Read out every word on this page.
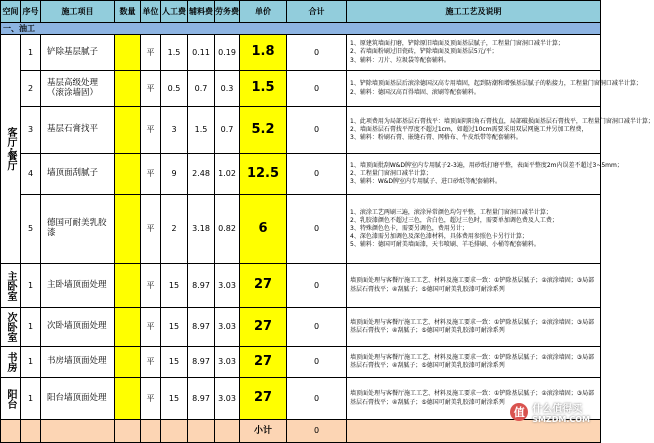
空间	序号	施工项目	数量	单位	人工费	辅料费	劳务费	单价	合计	施工工艺及说明
一、油工										
客厅·餐厅	1	铲除基层腻子		平	1.5	0.11	0.19	1.8	0	1、原建筑墙面打磨，铲除原旧墙面及顶面基层腻子，工程量门窗洞口减半计算；
2、若墙面粉刷过旧瓷砖，铲除墙面及顶面基层5元/平；
3、辅料：刀片、垃圾袋等配套辅料。

	2	基层高级处理（滚涂墙固）		平	0.5	0.7	0.3	1.5	0	1、铲除墙顶面基层后滚涂德国汉高专用墙固，起到防潮和增强基层腻子的粘接力，工程量门窗洞口减半计算；
2、辅料：德国汉高百得墙固、滚刷等配套辅料。

	3	基层石膏找平		平	3	1.5	0.7	5.2	0	1、此项费用为局部基层石膏找平：墙顶面阴阳角石膏找直，局部破损面基层石膏找平，工程量门窗洞口减半计算；
2、墙面基层石膏找平厚度不超过1cm，如超过10cm需要采用双层网施工并另加工程费，
3、辅料：粉刷石膏、嵌缝石膏、网格布、牛皮纸带等配套辅料。

	4	墙顶面刮腻子		平	9	2.48	1.02	12.5	0	1、墙顶面批刮W&D牌室内专用腻子2-3遍，用砂纸打磨平整，表面平整度2m内误差不超过3~5mm；
2、工程量门窗洞口减半计算；
3、辅料：W&D牌室内专用腻子、进口砂纸等配套辅料。

	5	德国可耐美乳胶漆		平	2	3.18	0.82	6	0	1、滚涂工艺两刷三遍，滚涂异常颜色均匀平整，工程量门窗洞口减半计算；
2、乳胶漆颜色不超过三色，含白色，超过三色时，需要单加调色费及人工费；
3、特殊颜色色卡，需要另调色，费用另计；
4、深色漆需另加调色及深色漆材料，具体费用参照色卡另行计算；
5、辅料：德国可耐美墙面漆，天韦喷刷、羊毛排刷、小桶等配套辅料。

主卧室	1	主卧墙顶面处理		平	15	8.97	3.03	27	0	墙顶面处理与客餐厅施工工艺、材料及施工要求一致：①铲除基层腻子；②滚涂墙固；③局部基层石膏找平；④刮腻子；⑤德国可耐美乳胶漆可耐涂系列

次卧室	1	次卧墙顶面处理		平	15	8.97	3.03	27	0	墙顶面处理与客餐厅施工工艺、材料及施工要求一致：①铲除基层腻子；②滚涂墙固；③局部基层石膏找平；④刮腻子；⑤德国可耐美乳胶漆可耐涂系列

书房	1	书房墙顶面处理		平	15	8.97	3.03	27	0	墙顶面处理与客餐厅施工工艺、材料及施工要求一致：①铲除基层腻子；②滚涂墙固；③局部基层石膏找平；④刮腻子；⑤德国可耐美乳胶漆可耐涂系列

阳台	1	阳台墙顶面处理		平	15	8.97	3.03	27	0	墙顶面处理与客餐厅施工工艺、材料及施工要求一致：①铲除基层腻子；②滚涂墙固；③局部基层石膏找平；④刮腻子；⑤德国可耐美乳胶漆可耐涂系列

								小计	0	
值 什么值得买
SMZDM.COM
